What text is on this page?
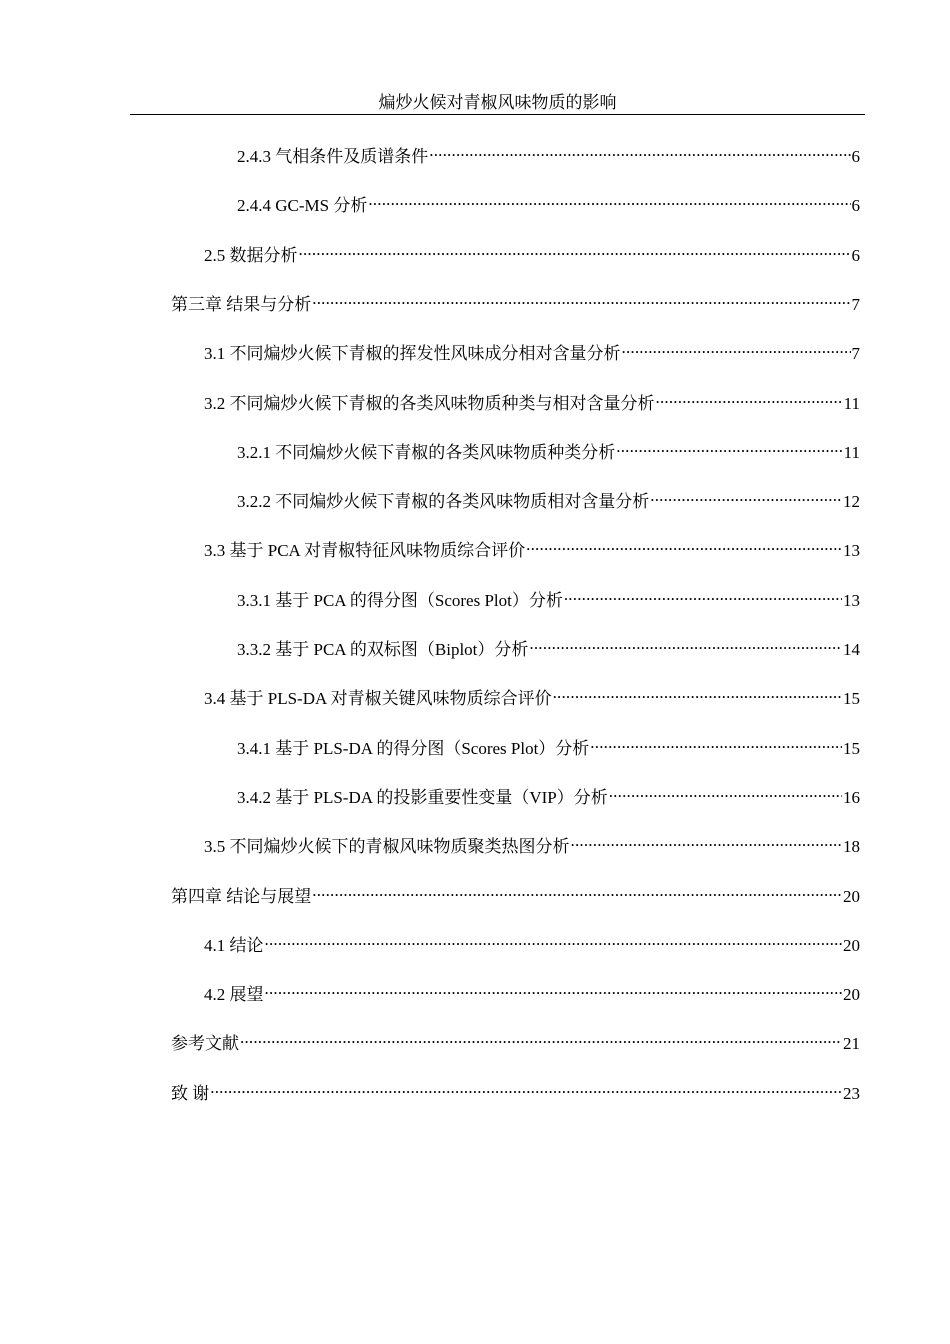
煸炒火候对青椒风味物质的影响
2.4.3 气相条件及质谱条件 .....	6
2.4.4 GC-MS 分析 .....	6
2.5 数据分析 .....	6
第三章 结果与分析 .....	7
3.1 不同煸炒火候下青椒的挥发性风味成分相对含量分析 .....	7
3.2 不同煸炒火候下青椒的各类风味物质种类与相对含量分析 .....	11
3.2.1 不同煸炒火候下青椒的各类风味物质种类分析 .....	11
3.2.2 不同煸炒火候下青椒的各类风味物质相对含量分析 .....	12
3.3 基于 PCA 对青椒特征风味物质综合评价 .....	13
3.3.1 基于 PCA 的得分图（Scores Plot）分析 .....	13
3.3.2 基于 PCA 的双标图（Biplot）分析 .....	14
3.4 基于 PLS-DA 对青椒关键风味物质综合评价 .....	15
3.4.1 基于 PLS-DA 的得分图（Scores Plot）分析 .....	15
3.4.2 基于 PLS-DA 的投影重要性变量（VIP）分析 .....	16
3.5 不同煸炒火候下的青椒风味物质聚类热图分析 .....	18
第四章 结论与展望 .....	20
4.1 结论 .....	20
4.2 展望 .....	20
参考文献 .....	21
致 谢 .....	23
